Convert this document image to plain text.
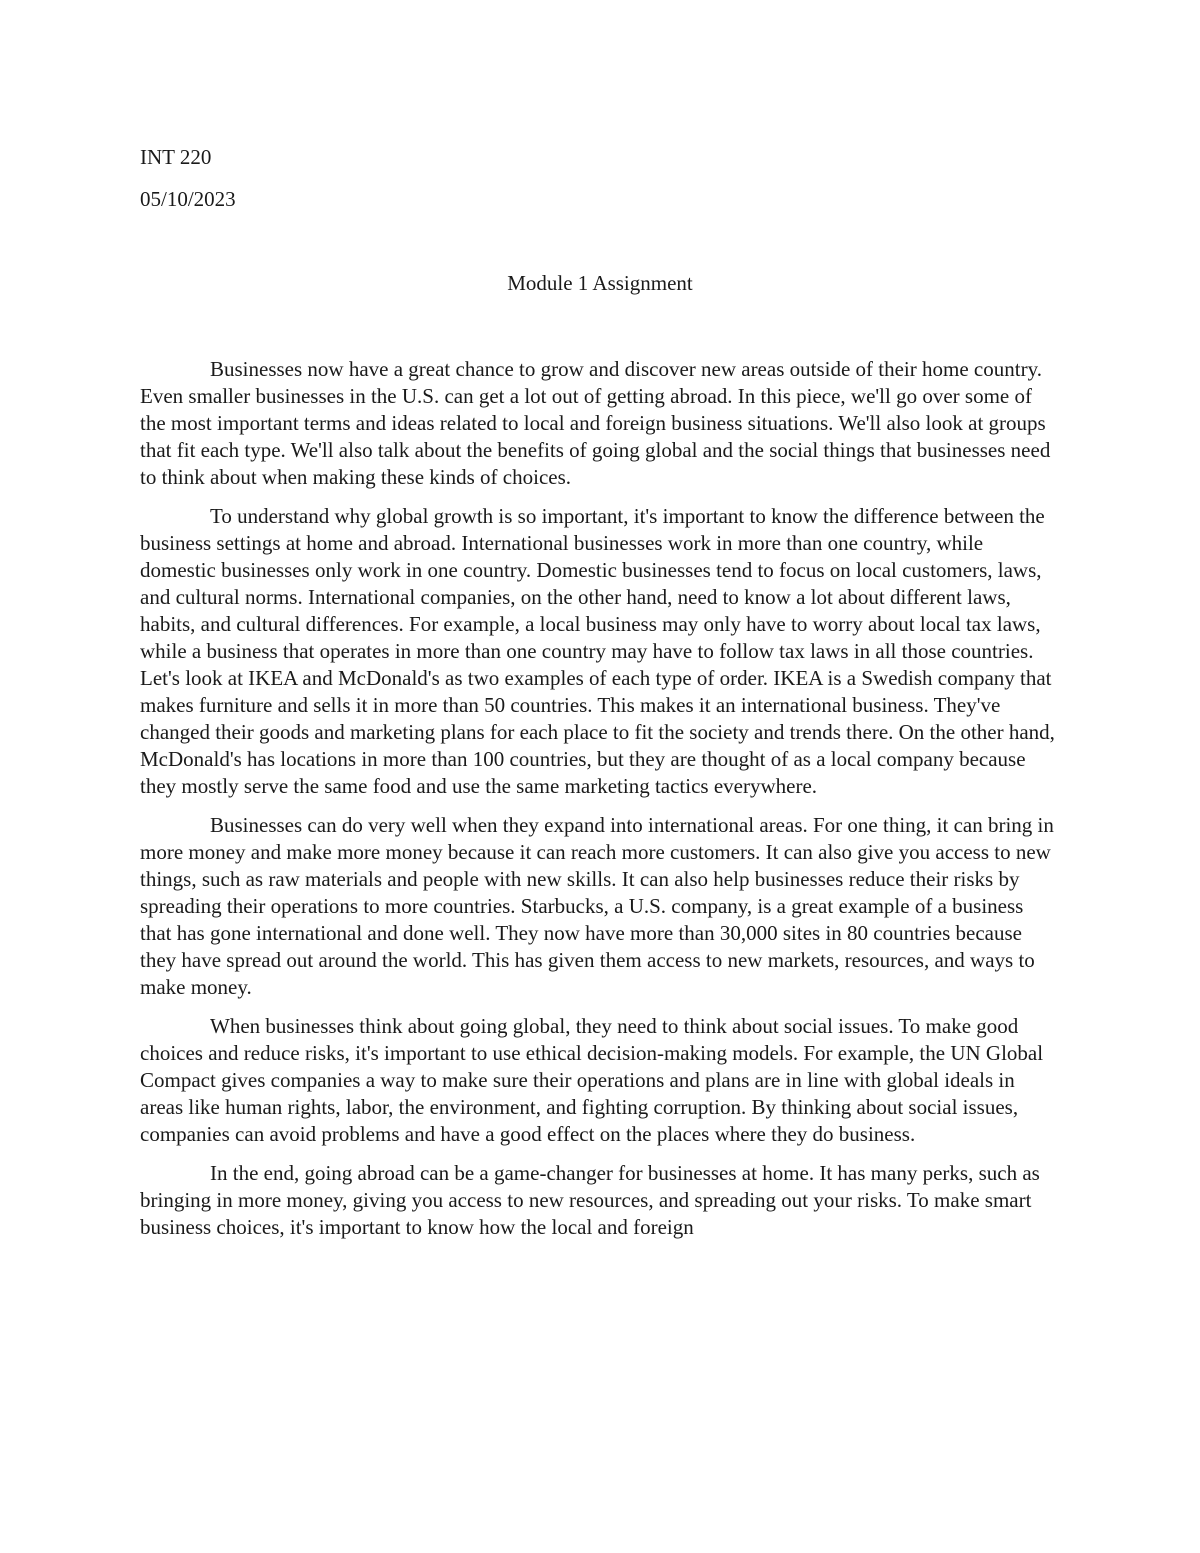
INT 220
05/10/2023
Module 1 Assignment

Businesses now have a great chance to grow and discover new areas outside of their home country. Even smaller businesses in the U.S. can get a lot out of getting abroad. In this piece, we'll go over some of the most important terms and ideas related to local and foreign business situations. We'll also look at groups that fit each type. We'll also talk about the benefits of going global and the social things that businesses need to think about when making these kinds of choices.

To understand why global growth is so important, it's important to know the difference between the business settings at home and abroad. International businesses work in more than one country, while domestic businesses only work in one country. Domestic businesses tend to focus on local customers, laws, and cultural norms. International companies, on the other hand, need to know a lot about different laws, habits, and cultural differences. For example, a local business may only have to worry about local tax laws, while a business that operates in more than one country may have to follow tax laws in all those countries. Let's look at IKEA and McDonald's as two examples of each type of order. IKEA is a Swedish company that makes furniture and sells it in more than 50 countries. This makes it an international business. They've changed their goods and marketing plans for each place to fit the society and trends there. On the other hand, McDonald's has locations in more than 100 countries, but they are thought of as a local company because they mostly serve the same food and use the same marketing tactics everywhere.

Businesses can do very well when they expand into international areas. For one thing, it can bring in more money and make more money because it can reach more customers. It can also give you access to new things, such as raw materials and people with new skills. It can also help businesses reduce their risks by spreading their operations to more countries. Starbucks, a U.S. company, is a great example of a business that has gone international and done well. They now have more than 30,000 sites in 80 countries because they have spread out around the world. This has given them access to new markets, resources, and ways to make money.

When businesses think about going global, they need to think about social issues. To make good choices and reduce risks, it's important to use ethical decision-making models. For example, the UN Global Compact gives companies a way to make sure their operations and plans are in line with global ideals in areas like human rights, labor, the environment, and fighting corruption. By thinking about social issues, companies can avoid problems and have a good effect on the places where they do business.

In the end, going abroad can be a game-changer for businesses at home. It has many perks, such as bringing in more money, giving you access to new resources, and spreading out your risks. To make smart business choices, it's important to know how the local and foreign
